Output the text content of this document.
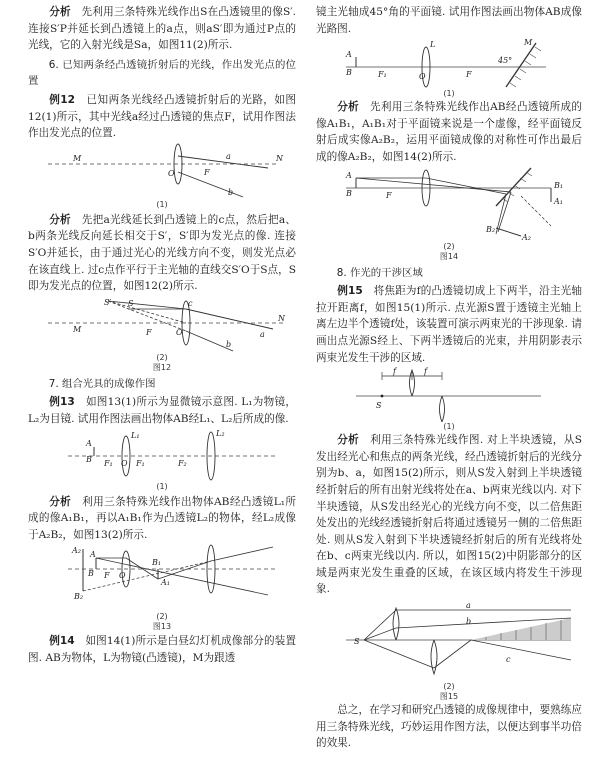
分析　 先利用三条特殊光线作出S在凸透镜里的像S′. 连接S′P并延长到凸透镜上的a点，则aS′即为通过P点的光线，它的入射光线是Sa，如图11(2)所示.

6. 已知两条经凸透镜折射后的光线，作出发光点的位置

例12　 已知两条光线经凸透镜折射后的光路，如图12(1)所示，其中光线a经过凸透镜的焦点F，试用作图法作出发光点的位置.

M
O	F
a
b
N
(1)

分析　 先把a光线延长到凸透镜上的c点，然后把a、b两条光线反向延长相交于S′，S′即为发光点的像. 连接S′O并延长，由于通过光心的光线方向不变，则发光点必在该直线上. 过c点作平行于主光轴的直线交S′O于S点，S即为发光点的位置，如图12(2)所示.

S′ S	c
M	F	O	a
N
b
(2)
图12

7. 组合光具的成像作图

例13　 如图13(1)所示为显微镜示意图. L₁为物镜，L₂为目镜. 试用作图法画出物体AB经L₁、L₂后所成的像.

A
B F₁ O F₁	F₂
L₁	L₂
(1)

分析　 利用三条特殊光线作出物体AB经凸透镜L₁所成的像A₁B₁，再以A₁B₁作为凸透镜L₂的物体，经L₂成像于A₂B₂，如图13(2)所示.

A₂ A
B F O
B₁
A₁
B₂
(2)
图13

例14　 如图14(1)所示是白昼幻灯机成像部分的装置图. AB为物体，L为物镜(凸透镜)，M为跟透

镜主光轴成45°角的平面镜. 试用作图法画出物体AB成像光路图.

A
B	F₁	O	F
L	M
45°
(1)

分析　 先利用三条特殊光线作出AB经凸透镜所成的像A₁B₁，A₁B₁对于平面镜来说是一个虚像，经平面镜反射后成实像A₂B₂，运用平面镜成像的对称性可作出最后成的像A₂B₂，如图14(2)所示.

A
B	F
B₂
A₂
B₁
A₁
(2)
图14

8. 作光的干涉区域

例15　 将焦距为f的凸透镜切成上下两半，沿主光轴拉开距离f，如图15(1)所示. 点光源S置于透镜主光轴上离左边半个透镜f处，该装置可演示两束光的干涉现象. 请画出点光源S经上、下两半透镜后的光束，并用阴影表示两束光发生干涉的区域.

f	f
S
(1)

分析　 利用三条特殊光线作图. 对上半块透镜，从S发出经光心和焦点的两条光线，经凸透镜折射后的光线分别为b、a，如图15(2)所示，则从S发入射到上半块透镜经折射后的所有出射光线将处在a、b两束光线以内. 对下半块透镜，从S发出经光心的光线方向不变，以二倍焦距处发出的光线经透镜折射后将通过透镜另一侧的二倍焦距处. 则从S发入射到下半块透镜经折射后的所有光线将处在b、c两束光线以内. 所以，如图15(2)中阴影部分的区域是两束光发生重叠的区域，在该区域内将发生干涉现象.

S
a
b
c
(2)
图15

总之，在学习和研究凸透镜的成像规律中，要熟练应用三条特殊光线，巧妙运用作图方法，以便达到事半功倍的效果.
